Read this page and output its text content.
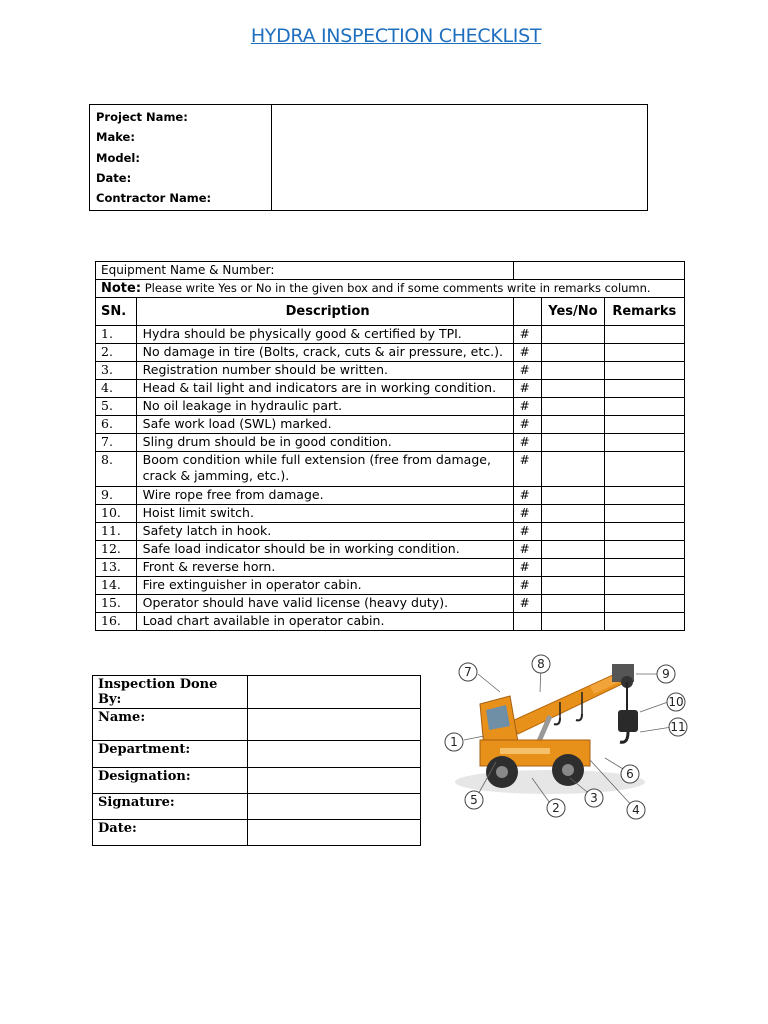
HYDRA INSPECTION CHECKLIST
Project Name:
Make:
Model:
Date:
Contractor Name:

Equipment Name & Number:				
Note: Please write Yes or No in the given box and if some comments write in remarks column.				
SN.	Description		Yes/No	Remarks
1.	Hydra should be physically good & certified by TPI.	#		
2.	No damage in tire (Bolts, crack, cuts & air pressure, etc.).	#		
3.	Registration number should be written.	#		
4.	Head & tail light and indicators are in working condition.	#		
5.	No oil leakage in hydraulic part.	#		
6.	Safe work load (SWL) marked.	#		
7.	Sling drum should be in good condition.	#		
8.	Boom condition while full extension (free from damage, crack & jamming, etc.).	#		
9.	Wire rope free from damage.	#		
10.	Hoist limit switch.	#		
11.	Safety latch in hook.	#		
12.	Safe load indicator should be in working condition.	#		
13.	Front & reverse horn.	#		
14.	Fire extinguisher in operator cabin.	#		
15.	Operator should have valid license (heavy duty).	#		
16.	Load chart available in operator cabin.			
Inspection Done By:	
Name:	
Department:	
Designation:	
Signature:	
Date:	
1
2
3
4
5
6
7
8
9
10
11
